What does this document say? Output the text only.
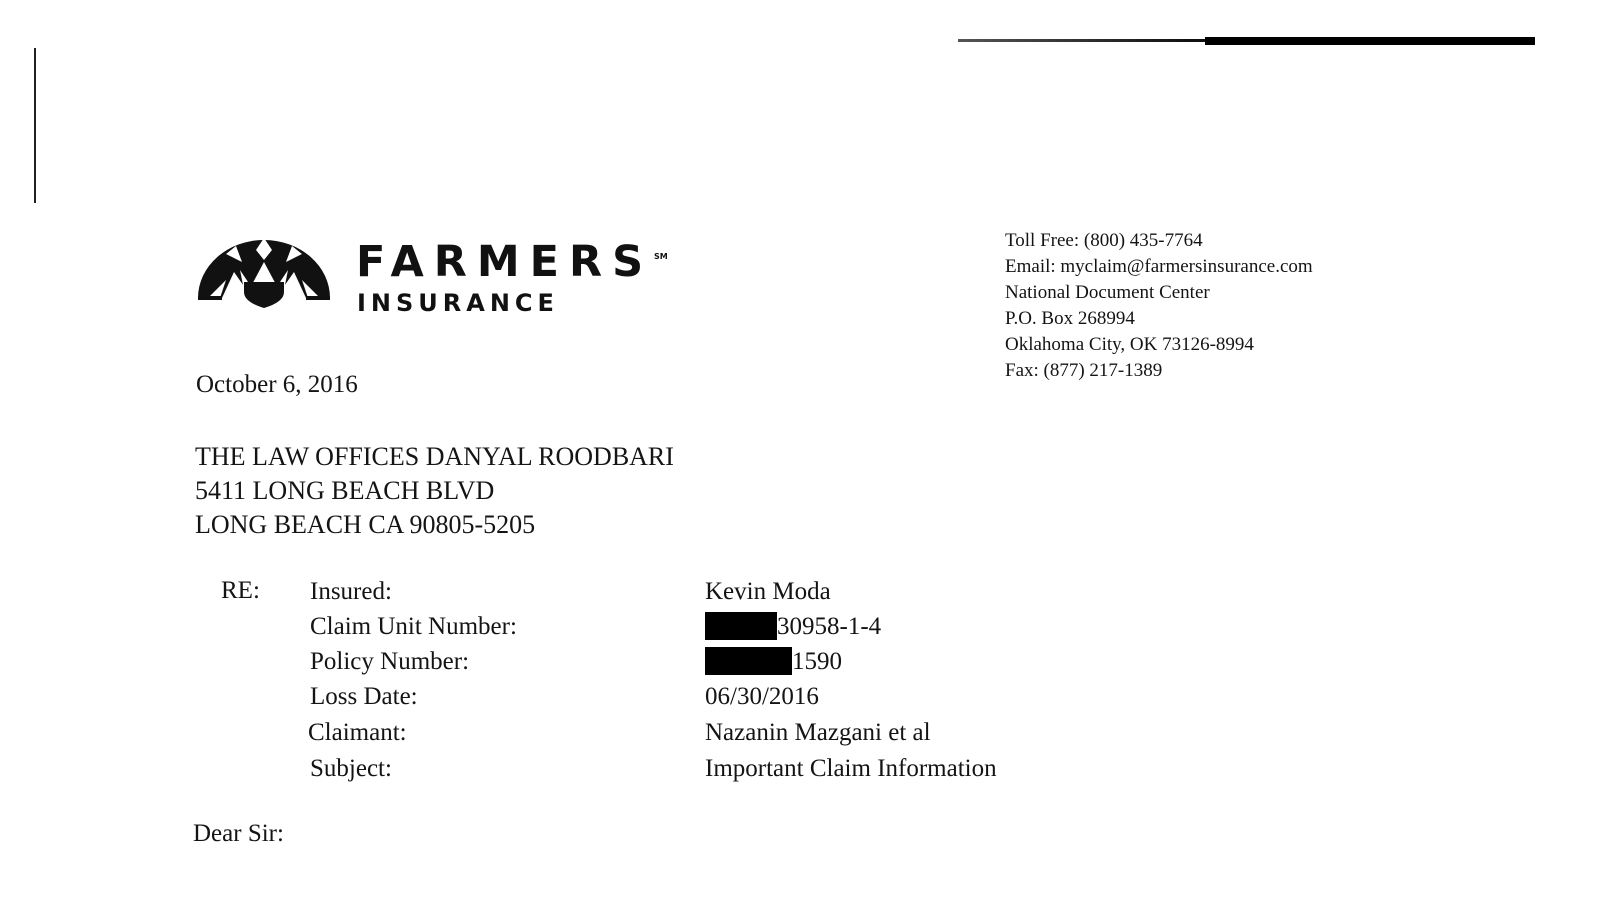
FARMERS SM
INSURANCE
Toll Free: (800) 435-7764
Email: myclaim@farmersinsurance.com
National Document Center
P.O. Box 268994
Oklahoma City, OK 73126-8994
Fax: (877) 217-1389
October 6, 2016
THE LAW OFFICES DANYAL ROODBARI
5411 LONG BEACH BLVD
LONG BEACH CA 90805-5205
RE: Insured:	Kevin Moda
Claim Unit Number:	30958-1-4
Policy Number:	1590
Loss Date:	06/30/2016
Claimant:	Nazanin Mazgani et al
Subject:	Important Claim Information
Dear Sir:
